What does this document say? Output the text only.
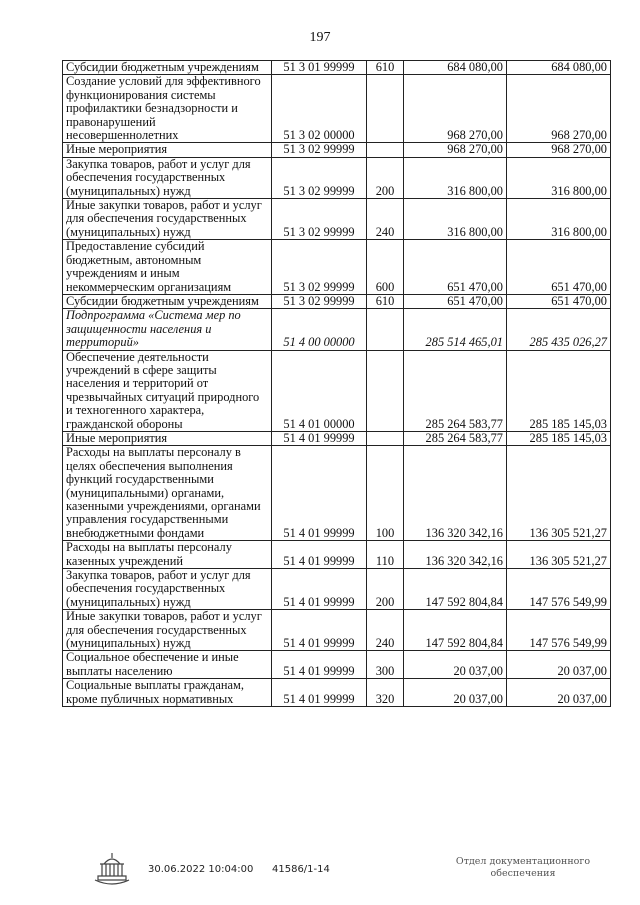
197
Субсидии бюджетным учреждениям	51 3 01 99999	610	684 080,00	684 080,00
Создание условий для эффективного функционирования системы профилактики безнадзорности и правонарушений несовершеннолетних	51 3 02 00000		968 270,00	968 270,00
Иные мероприятия	51 3 02 99999		968 270,00	968 270,00
Закупка товаров, работ и услуг для обеспечения государственных (муниципальных) нужд	51 3 02 99999	200	316 800,00	316 800,00
Иные закупки товаров, работ и услуг для обеспечения государственных (муниципальных) нужд	51 3 02 99999	240	316 800,00	316 800,00
Предоставление субсидий бюджетным, автономным учреждениям и иным некоммерческим организациям	51 3 02 99999	600	651 470,00	651 470,00
Субсидии бюджетным учреждениям	51 3 02 99999	610	651 470,00	651 470,00
Подпрограмма «Система мер по защищенности населения и территорий»	51 4 00 00000		285 514 465,01	285 435 026,27
Обеспечение деятельности учреждений в сфере защиты населения и территорий от чрезвычайных ситуаций природного и техногенного характера, гражданской обороны	51 4 01 00000		285 264 583,77	285 185 145,03
Иные мероприятия	51 4 01 99999		285 264 583,77	285 185 145,03
Расходы на выплаты персоналу в целях обеспечения выполнения функций государственными (муниципальными) органами, казенными учреждениями, органами управления государственными внебюджетными фондами	51 4 01 99999	100	136 320 342,16	136 305 521,27
Расходы на выплаты персоналу казенных учреждений	51 4 01 99999	110	136 320 342,16	136 305 521,27
Закупка товаров, работ и услуг для обеспечения государственных (муниципальных) нужд	51 4 01 99999	200	147 592 804,84	147 576 549,99
Иные закупки товаров, работ и услуг для обеспечения государственных (муниципальных) нужд	51 4 01 99999	240	147 592 804,84	147 576 549,99
Социальное обеспечение и иные выплаты населению	51 4 01 99999	300	20 037,00	20 037,00
Социальные выплаты гражданам, кроме публичных нормативных	51 4 01 99999	320	20 037,00	20 037,00
30.06.2022 10:04:00 41586/1-14
Отдел документационного обеспечения
